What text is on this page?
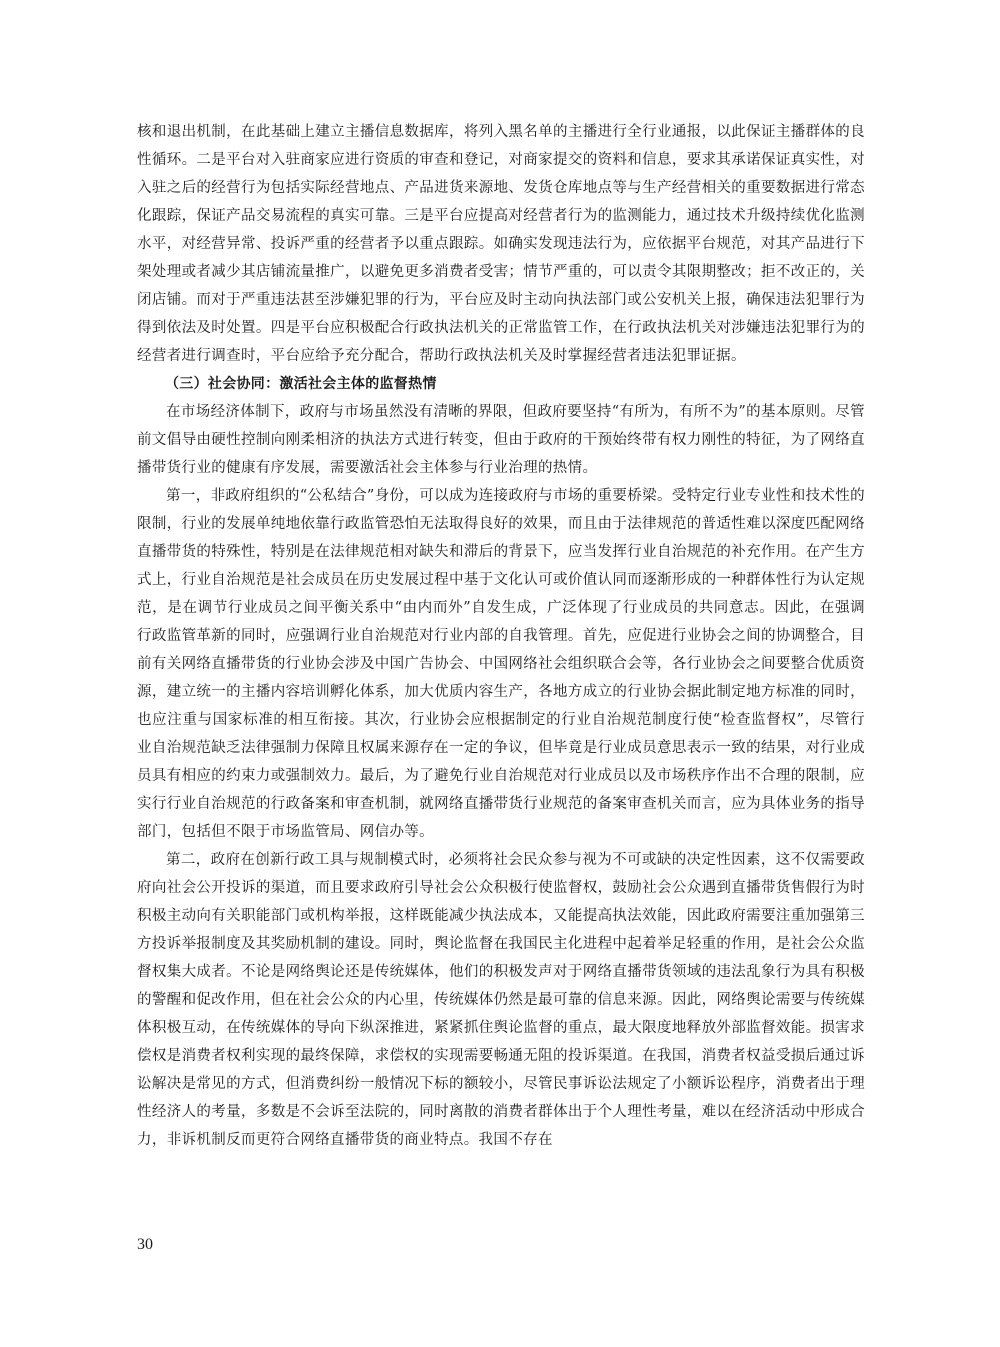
核和退出机制，在此基础上建立主播信息数据库，将列入黑名单的主播进行全行业通报，以此保证主播群体的良性循环。二是平台对入驻商家应进行资质的审查和登记，对商家提交的资料和信息，要求其承诺保证真实性，对入驻之后的经营行为包括实际经营地点、产品进货来源地、发货仓库地点等与生产经营相关的重要数据进行常态化跟踪，保证产品交易流程的真实可靠。三是平台应提高对经营者行为的监测能力，通过技术升级持续优化监测水平，对经营异常、投诉严重的经营者予以重点跟踪。如确实发现违法行为，应依据平台规范，对其产品进行下架处理或者减少其店铺流量推广，以避免更多消费者受害；情节严重的，可以责令其限期整改；拒不改正的，关闭店铺。而对于严重违法甚至涉嫌犯罪的行为，平台应及时主动向执法部门或公安机关上报，确保违法犯罪行为得到依法及时处置。四是平台应积极配合行政执法机关的正常监管工作，在行政执法机关对涉嫌违法犯罪行为的经营者进行调查时，平台应给予充分配合，帮助行政执法机关及时掌握经营者违法犯罪证据。

（三）社会协同：激活社会主体的监督热情

在市场经济体制下，政府与市场虽然没有清晰的界限，但政府要坚持“有所为，有所不为”的基本原则。尽管前文倡导由硬性控制向刚柔相济的执法方式进行转变，但由于政府的干预始终带有权力刚性的特征，为了网络直播带货行业的健康有序发展，需要激活社会主体参与行业治理的热情。

第一，非政府组织的“公私结合”身份，可以成为连接政府与市场的重要桥梁。受特定行业专业性和技术性的限制，行业的发展单纯地依靠行政监管恐怕无法取得良好的效果，而且由于法律规范的普适性难以深度匹配网络直播带货的特殊性，特别是在法律规范相对缺失和滞后的背景下，应当发挥行业自治规范的补充作用。在产生方式上，行业自治规范是社会成员在历史发展过程中基于文化认可或价值认同而逐渐形成的一种群体性行为认定规范，是在调节行业成员之间平衡关系中“由内而外”自发生成，广泛体现了行业成员的共同意志。因此，在强调行政监管革新的同时，应强调行业自治规范对行业内部的自我管理。首先，应促进行业协会之间的协调整合，目前有关网络直播带货的行业协会涉及中国广告协会、中国网络社会组织联合会等，各行业协会之间要整合优质资源，建立统一的主播内容培训孵化体系，加大优质内容生产，各地方成立的行业协会据此制定地方标准的同时，也应注重与国家标准的相互衔接。其次，行业协会应根据制定的行业自治规范制度行使“检查监督权”，尽管行业自治规范缺乏法律强制力保障且权属来源存在一定的争议，但毕竟是行业成员意思表示一致的结果，对行业成员具有相应的约束力或强制效力。最后，为了避免行业自治规范对行业成员以及市场秩序作出不合理的限制，应实行行业自治规范的行政备案和审查机制，就网络直播带货行业规范的备案审查机关而言，应为具体业务的指导部门，包括但不限于市场监管局、网信办等。

第二，政府在创新行政工具与规制模式时，必须将社会民众参与视为不可或缺的决定性因素，这不仅需要政府向社会公开投诉的渠道，而且要求政府引导社会公众积极行使监督权，鼓励社会公众遇到直播带货售假行为时积极主动向有关职能部门或机构举报，这样既能减少执法成本，又能提高执法效能，因此政府需要注重加强第三方投诉举报制度及其奖励机制的建设。同时，舆论监督在我国民主化进程中起着举足轻重的作用，是社会公众监督权集大成者。不论是网络舆论还是传统媒体，他们的积极发声对于网络直播带货领域的违法乱象行为具有积极的警醒和促改作用，但在社会公众的内心里，传统媒体仍然是最可靠的信息来源。因此，网络舆论需要与传统媒体积极互动，在传统媒体的导向下纵深推进，紧紧抓住舆论监督的重点，最大限度地释放外部监督效能。损害求偿权是消费者权利实现的最终保障，求偿权的实现需要畅通无阻的投诉渠道。在我国，消费者权益受损后通过诉讼解决是常见的方式，但消费纠纷一般情况下标的额较小，尽管民事诉讼法规定了小额诉讼程序，消费者出于理性经济人的考量，多数是不会诉至法院的，同时离散的消费者群体出于个人理性考量，难以在经济活动中形成合力，非诉机制反而更符合网络直播带货的商业特点。我国不存在

30
